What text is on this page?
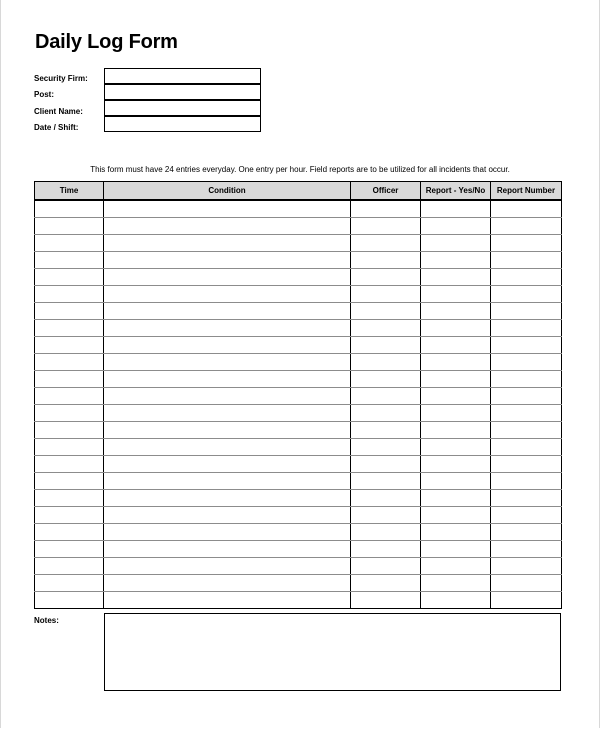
Daily Log Form
Security Firm:
Post:
Client Name:
Date / Shift:
This form must have 24 entries everyday. One entry per hour. Field reports are to be utilized for all incidents that occur.
Time	Condition	Officer	Report - Yes/No	Report Number

Notes:
